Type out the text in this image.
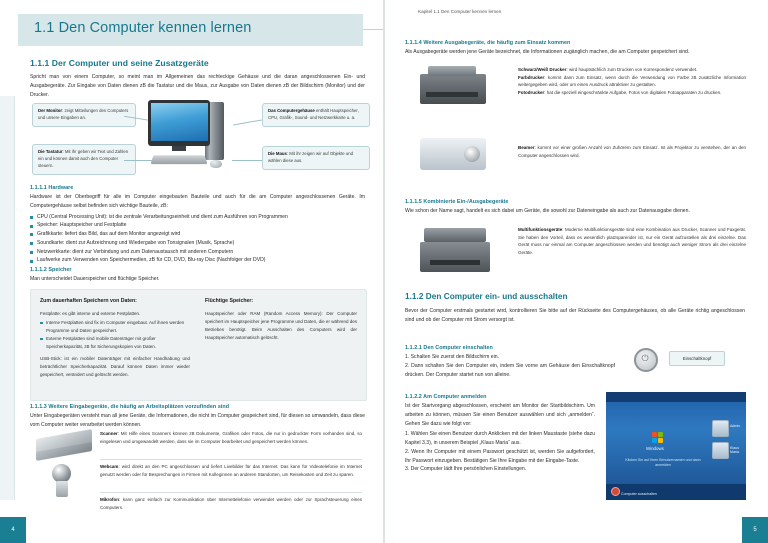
1.1 Den Computer kennen lernen
1.1.1 Der Computer und seine Zusatzgeräte
Spricht man von einem Computer, so meint man im Allgemeinen das rechteckige Gehäuse und die daran angeschlossenen Ein- und Ausgabegeräte. Zur Eingabe von Daten dienen zB die Tastatur und die Maus, zur Ausgabe von Daten dienen zB der Bildschirm (Monitor) und der Drucker.
Der Monitor: zeigt Mitteilungen des Computers und unsere Eingaben an.
Die Tastatur: Mit ihr geben wir Text und Zahlen ein und können damit auch den Computer steuern.
Das Computergehäuse enthält Hauptspeicher, CPU, Grafik-, Sound- und Netzwerkkarte u. a.
Die Maus: Mit ihr zeigen wir auf Objekte und wählen diese aus.
1.1.1.1 Hardware
Hardware ist der Oberbegriff für alle im Computer eingebauten Bauteile und auch für die am Computer angeschlossenen Geräte. Im Computergehäuse selbst befinden sich wichtige Bauteile, zB:
CPU (Central Processing Unit): ist die zentrale Verarbeitungseinheit und dient zum Ausführen von Programmen
Speicher: Hauptspeicher und Festplatte
Grafikkarte: liefert das Bild, das auf dem Monitor angezeigt wird
Soundkarte: dient zur Aufzeichnung und Wiedergabe von Tonsignalen (Musik, Sprache)
Netzwerkkarte: dient zur Verbindung und zum Datenaustausch mit anderen Computern
Laufwerke zum Verwenden von Speichermedien, zB für CD, DVD, Blu-ray Disc (Nachfolger der DVD)
1.1.1.2 Speicher
Man unterscheidet Dauerspeicher und flüchtige Speicher.
Zum dauerhaften Speichern von Daten:
Festplatte: es gibt interne und externe Festplatten.
Interne Festplatten sind fix im Computer eingebaut. Auf ihnen werden Programme und Daten gespeichert.
Externe Festplatten sind mobile Datenträger mit großer Speicherkapazität, zB für Sicherungskopien von Daten.
USB-Stick: ist ein mobiler Datenträger mit einfacher Handhabung und beträchtlicher Speicherkapazität. Darauf können Daten immer wieder gespeichert, verändert und gelöscht werden.
Flüchtige Speicher:
Hauptspeicher oder RAM (Random Access Memory): Der Computer speichert im Hauptspeicher jene Programme und Daten, die er während des Betriebes benötigt. Beim Ausschalten des Computers wird der Hauptspeicher automatisch gelöscht.
1.1.1.3 Weitere Eingabegeräte, die häufig an Arbeitsplätzen vorzufinden sind
Unter Eingabegeräten versteht man all jene Geräte, die Informationen, die nicht im Computer gespeichert sind, für diesen so umwandeln, dass diese vom Computer weiter verarbeitet werden können.
Scanner: Mit Hilfe eines Scanners können zB Dokumente, Grafiken oder Fotos, die nur in gedruckter Form vorhanden sind, so eingelesen und umgewandelt werden, dass sie im Computer bearbeitet und gespeichert werden können.
Webcam: wird direkt an den PC angeschlossen und liefert Livebilder für das Internet. Das kann für Videotelefonie im Internet genutzt werden oder für Besprechungen in Firmen mit Kolleginnen an anderen Standorten, um Reisekosten und Zeit zu sparen.
Mikrofon: kann ganz einfach zur Kommunikation über Internettelefonie verwendet werden oder zur Sprachsteuerung eines Computers.
4
Kapitel 1.1 Den Computer kennen lernen
1.1.1.4 Weitere Ausgabegeräte, die häufig zum Einsatz kommen
Als Ausgabegeräte werden jene Geräte bezeichnet, die Informationen zugänglich machen, die am Computer gespeichert sind.
Schwarz/Weiß Drucker: wird hauptsächlich zum Drucken von Korrespondenz verwendet.
Farbdrucker: kommt dann zum Einsatz, wenn durch die Verwendung von Farbe zB zusätzliche Information weitergegeben wird, oder um einen Ausdruck attraktiver zu gestalten.
Fotodrucker: hat die speziell eingeschränkte Aufgabe, Fotos von digitalen Fotoapparaten zu drucken.
Beamer: kommt vor einer großen Anzahl von Zuhörern zum Einsatz. Ist als Projektor zu verstehen, der an den Computer angeschlossen wird.
1.1.1.5 Kombinierte Ein-/Ausgabegeräte
Wie schon der Name sagt, handelt es sich dabei um Geräte, die sowohl zur Dateneingabe als auch zur Datenausgabe dienen.
Multifunktionsgeräte: Moderne Multifunktionsgeräte sind eine Kombination aus Drucker, Scanner und Faxgerät. Sie haben den Vorteil, dass es wesentlich platzsparender ist, nur ein Gerät aufzustellen als drei einzelne. Das Gerät muss nur einmal am Computer angeschlossen werden und benötigt auch weniger Strom als drei einzelne Geräte.
1.1.2 Den Computer ein- und ausschalten
Bevor der Computer erstmals gestartet wird, kontrollieren Sie bitte auf der Rückseite des Computergehäuses, ob alle Geräte richtig angeschlossen sind und ob der Computer mit Strom versorgt ist.
1.1.2.1 Den Computer einschalten
1. Schalten Sie zuerst den Bildschirm ein.
2. Dann schalten Sie den Computer ein, indem Sie vorne am Gehäuse den Einschaltknopf drücken. Der Computer startet nun von alleine.
⏻	Einschaltknopf
1.1.2.2 Am Computer anmelden
Ist der Startvorgang abgeschlossen, erscheint am Monitor der Startbildschirm. Um arbeiten zu können, müssen Sie einen Benutzer auswählen und sich „anmelden“. Gehen Sie dazu wie folgt vor:
1. Wählen Sie einen Benutzer durch Anklicken mit der linken Maustaste (siehe dazu Kapitel 3.3), in unserem Beispiel „Klaus Maria“ aus.
2. Wenn Ihr Computer mit einem Passwort geschützt ist, werden Sie aufgefordert, Ihr Passwort einzugeben. Bestätigen Sie Ihre Eingabe mit der Eingabe-Taste.
3. Der Computer lädt Ihre persönlichen Einstellungen.
Windows
Klicken Sie auf Ihren Benutzernamen und dann anmelden
Admin
Klaus Maria
Computer ausschalten
5
